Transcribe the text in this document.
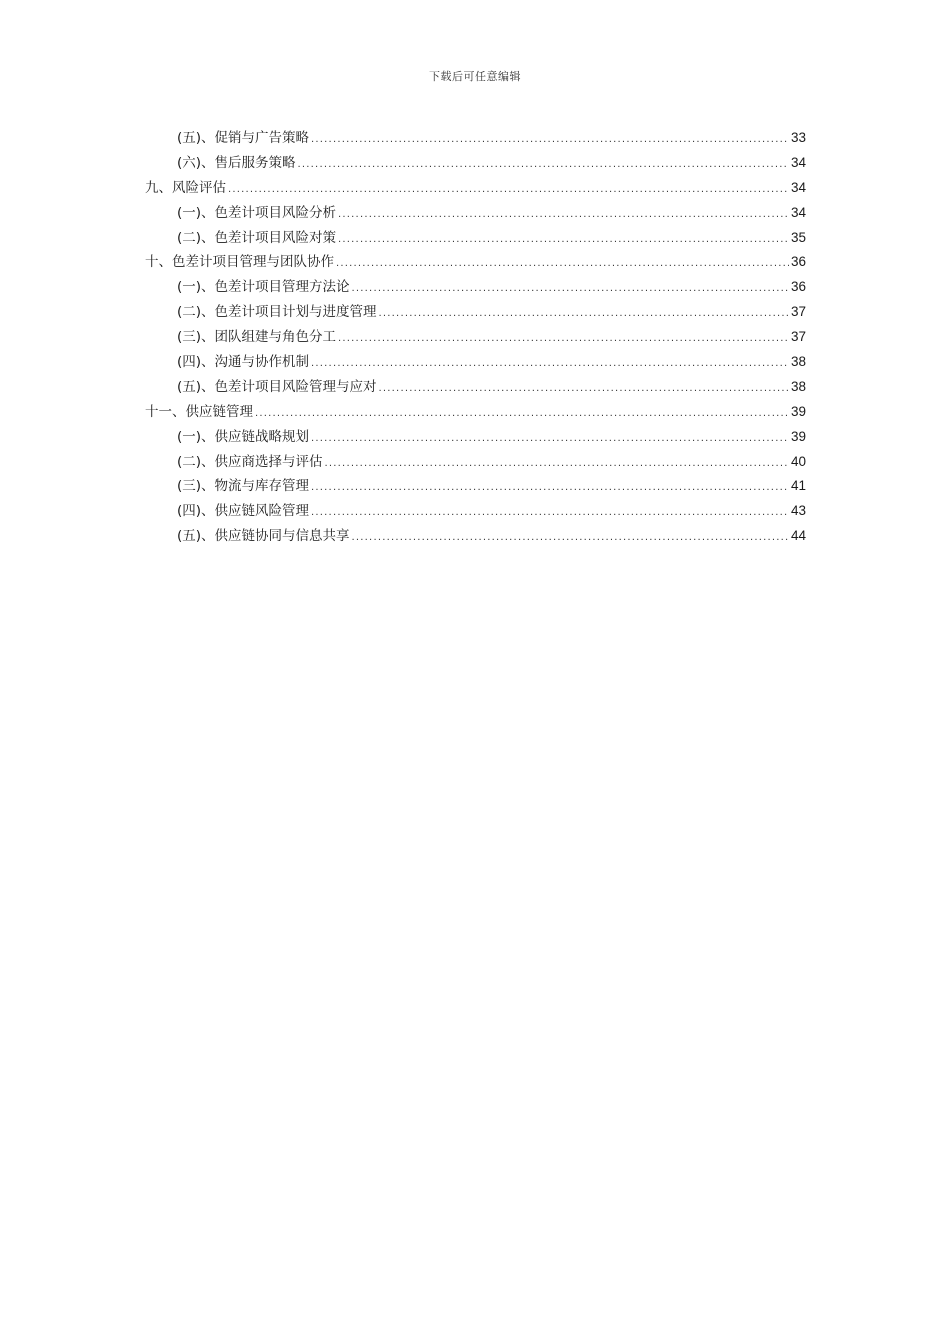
下载后可任意编辑
(五)、促销与广告策略 .....	33
(六)、售后服务策略 .....	34
九、风险评估 .....	34
(一)、色差计项目风险分析 .....	34
(二)、色差计项目风险对策 .....	35
十、色差计项目管理与团队协作 .....	36
(一)、色差计项目管理方法论 .....	36
(二)、色差计项目计划与进度管理 .....	37
(三)、团队组建与角色分工 .....	37
(四)、沟通与协作机制 .....	38
(五)、色差计项目风险管理与应对 .....	38
十一、供应链管理 .....	39
(一)、供应链战略规划 .....	39
(二)、供应商选择与评估 .....	40
(三)、物流与库存管理 .....	41
(四)、供应链风险管理 .....	43
(五)、供应链协同与信息共享 .....	44
